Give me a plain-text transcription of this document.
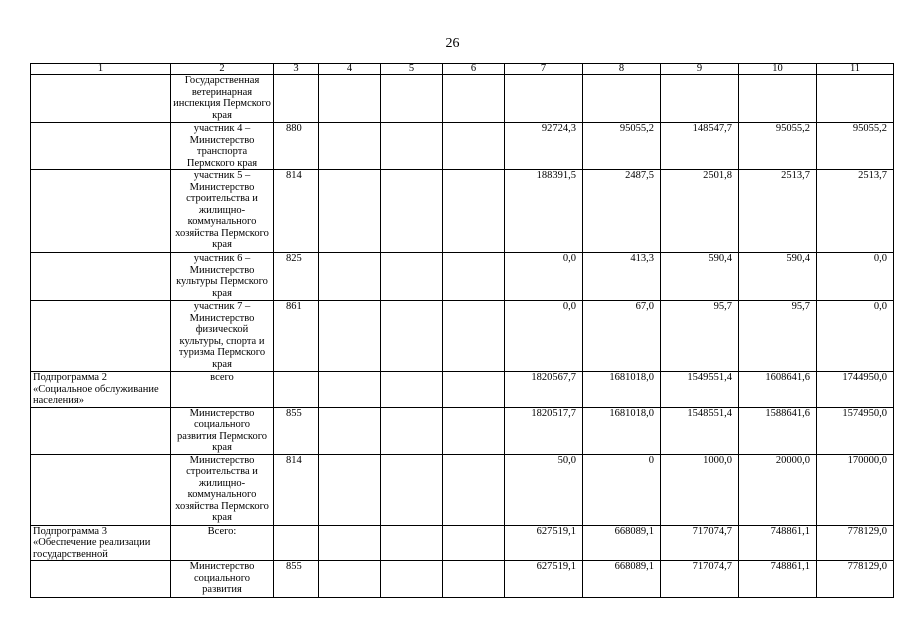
26
1	2	3	4	5	6	7	8	9	10	11
	Государственная ветеринарная инспекция Пермского края									
	участник 4 – Министерство транспорта Пермского края	880				92724,3	95055,2	148547,7	95055,2	95055,2
	участник 5 – Министерство строительства и жилищно-коммунального хозяйства Пермского края	814				188391,5	2487,5	2501,8	2513,7	2513,7
	участник 6 – Министерство культуры Пермского края	825				0,0	413,3	590,4	590,4	0,0
	участник 7 – Министерство физической культуры, спорта и туризма Пермского края	861				0,0	67,0	95,7	95,7	0,0
Подпрограмма 2 «Социальное обслуживание населения»	всего					1820567,7	1681018,0	1549551,4	1608641,6	1744950,0
	Министерство социального развития Пермского края	855				1820517,7	1681018,0	1548551,4	1588641,6	1574950,0
	Министерство строительства и жилищно-коммунального хозяйства Пермского края	814				50,0	0	1000,0	20000,0	170000,0
Подпрограмма 3 «Обеспечение реализации государственной	Всего:					627519,1	668089,1	717074,7	748861,1	778129,0
	Министерство социального развития	855				627519,1	668089,1	717074,7	748861,1	778129,0
